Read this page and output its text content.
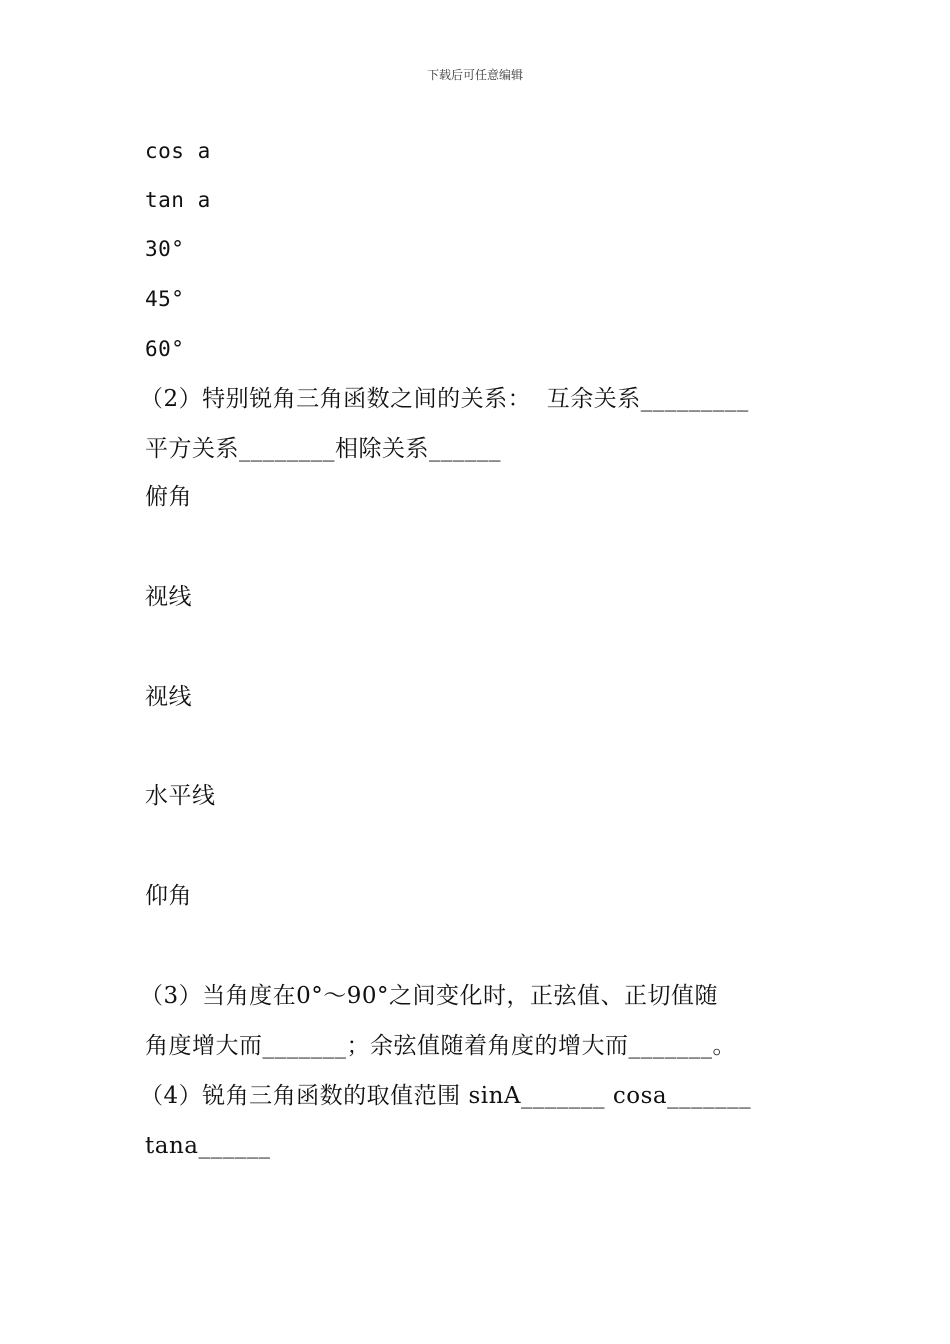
下载后可任意编辑
cos a
tan a
30°
45°
60°
（2）特别锐角三角函数之间的关系：  互余关系_________
平方关系________相除关系______
俯角
视线
视线
水平线
仰角
（3）当角度在0°～90°之间变化时，正弦值、正切值随
角度增大而_______；余弦值随着角度的增大而_______。
（4）锐角三角函数的取值范围 sinA_______ cosa_______
tana______
